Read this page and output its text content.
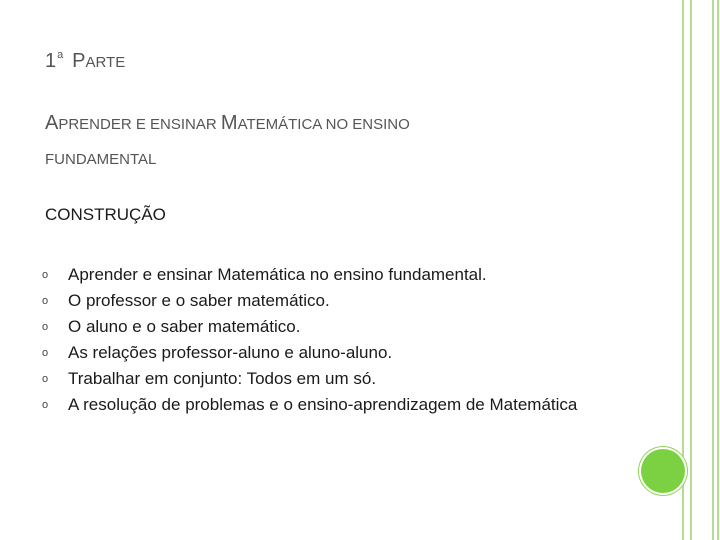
1$^a$ PARTE
APRENDER E ENSINAR MATEMÁTICA NO ENSINO
FUNDAMENTAL
CONSTRUÇÃO
o Aprender e ensinar Matemática no ensino fundamental.
o O professor e o saber matemático.
o O aluno e o saber matemático.
o As relações professor-aluno e aluno-aluno.
o Trabalhar em conjunto: Todos em um só.
o A resolução de problemas e o ensino-aprendizagem de Matemática
